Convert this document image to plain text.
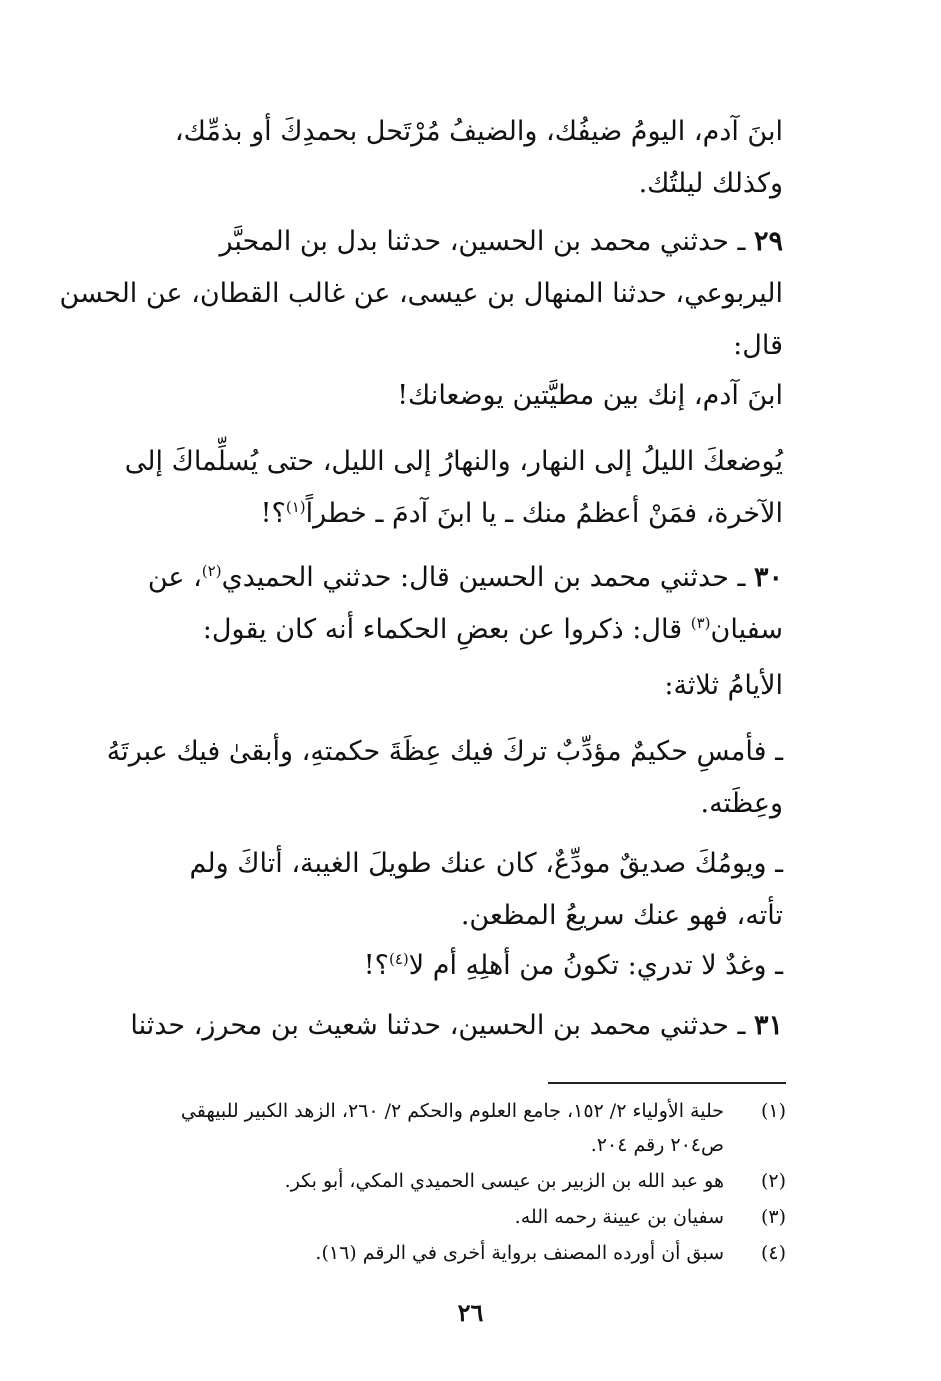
ابنَ آدم، اليومُ ضيفُك، والضيفُ مُرْتَحل بحمدِكَ أو بذمِّك،
وكذلك ليلتُك.
٢٩ ـ حدثني محمد بن الحسين، حدثنا بدل بن المحبَّر
اليربوعي، حدثنا المنهال بن عيسى، عن غالب القطان، عن الحسن
قال:
ابنَ آدم، إنك بين مطيَّتين يوضعانك!
يُوضعكَ الليلُ إلى النهار، والنهارُ إلى الليل، حتى يُسلِّماكَ إلى
الآخرة، فمَنْ أعظمُ منك ـ يا ابنَ آدمَ ـ خطراً$^{(١)}$؟!
٣٠ ـ حدثني محمد بن الحسين قال: حدثني الحميدي$^{(٢)}$، عن
سفيان$^{(٣)}$ قال: ذكروا عن بعضِ الحكماء أنه كان يقول:
الأيامُ ثلاثة:
ـ فأمسِ حكيمٌ مؤدِّبٌ تركَ فيك عِظَةَ حكمتهِ، وأبقىٰ فيك عبرتَهُ
وعِظَته.
ـ ويومُكَ صديقٌ مودِّعٌ، كان عنك طويلَ الغيبة، أتاكَ ولم
تأته، فهو عنك سريعُ المظعن.
ـ وغدٌ لا تدري: تكونُ من أهلِهِ أم لا$^{(٤)}$؟!
٣١ ـ حدثني محمد بن الحسين، حدثنا شعيث بن محرز، حدثنا
(١)
حلية الأولياء ٢/ ١٥٢، جامع العلوم والحكم ٢/ ٢٦٠، الزهد الكبير للبيهقي
ص٢٠٤ رقم ٢٠٤.
(٢)
هو عبد الله بن الزبير بن عيسى الحميدي المكي، أبو بكر.
(٣)
سفيان بن عيينة رحمه الله.
(٤)
سبق أن أورده المصنف برواية أخرى في الرقم (١٦).
٢٦
